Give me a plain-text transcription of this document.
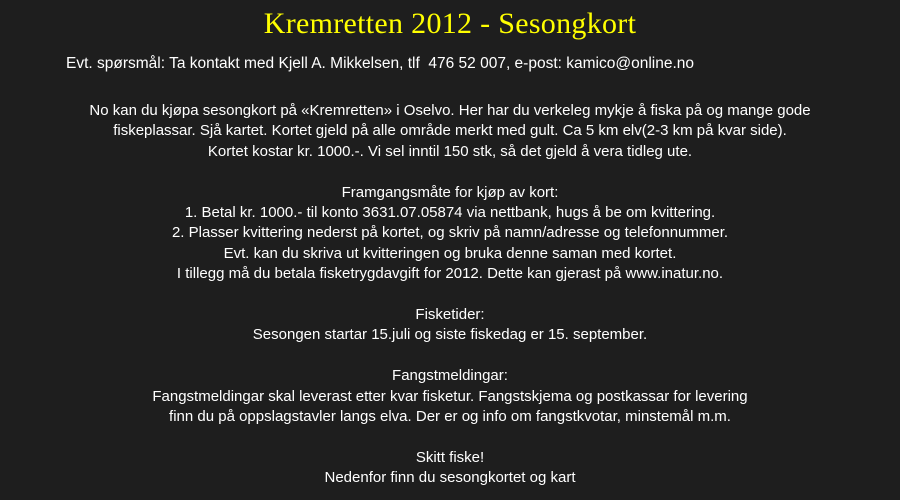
Kremretten 2012 - Sesongkort
Evt. spørsmål: Ta kontakt med Kjell A. Mikkelsen, tlf  476 52 007, e-post: kamico@online.no
No kan du kjøpa sesongkort på «Kremretten» i Oselvo. Her har du verkeleg mykje å fiska på og mange gode
fiskeplassar. Sjå kartet. Kortet gjeld på alle område merkt med gult. Ca 5 km elv(2-3 km på kvar side).
Kortet kostar kr. 1000.-. Vi sel inntil 150 stk, så det gjeld å vera tidleg ute.
Framgangsmåte for kjøp av kort:
1. Betal kr. 1000.- til konto 3631.07.05874 via nettbank, hugs å be om kvittering.
2. Plasser kvittering nederst på kortet, og skriv på namn/adresse og telefonnummer.
Evt. kan du skriva ut kvitteringen og bruka denne saman med kortet.
I tillegg må du betala fisketrygdavgift for 2012. Dette kan gjerast på www.inatur.no.
Fisketider:
Sesongen startar 15.juli og siste fiskedag er 15. september.
Fangstmeldingar:
Fangstmeldingar skal leverast etter kvar fisketur. Fangstskjema og postkassar for levering
finn du på oppslagstavler langs elva. Der er og info om fangstkvotar, minstemål m.m.
Skitt fiske!
Nedenfor finn du sesongkortet og kart
